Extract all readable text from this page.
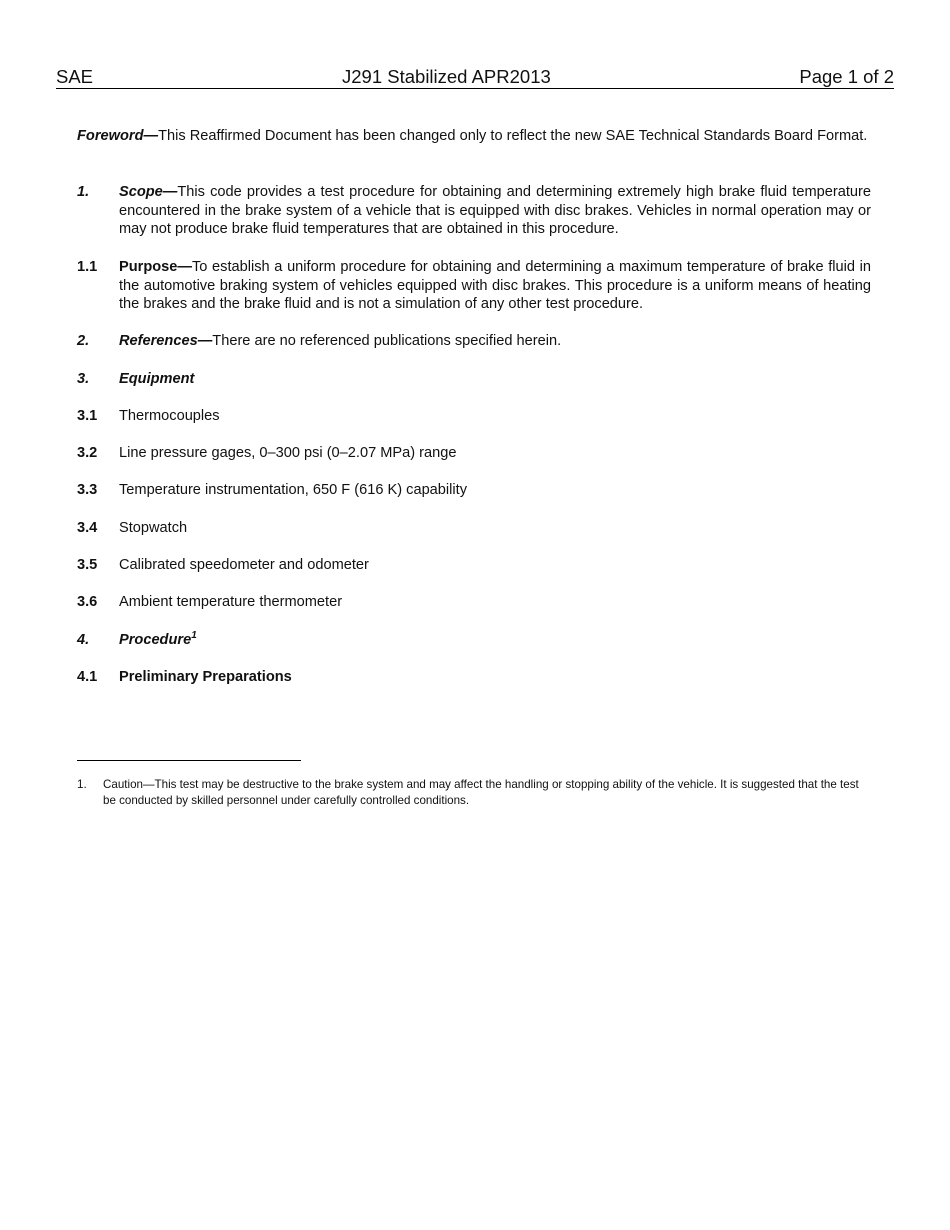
SAE	J291 Stabilized APR2013	Page 1 of 2
Foreword—This Reaffirmed Document has been changed only to reflect the new SAE Technical Standards Board Format.
1. Scope—This code provides a test procedure for obtaining and determining extremely high brake fluid temperature encountered in the brake system of a vehicle that is equipped with disc brakes. Vehicles in normal operation may or may not produce brake fluid temperatures that are obtained in this procedure.
1.1 Purpose—To establish a uniform procedure for obtaining and determining a maximum temperature of brake fluid in the automotive braking system of vehicles equipped with disc brakes. This procedure is a uniform means of heating the brakes and the brake fluid and is not a simulation of any other test procedure.
2. References—There are no referenced publications specified herein.
3. Equipment
3.1 Thermocouples
3.2 Line pressure gages, 0–300 psi (0–2.07 MPa) range
3.3 Temperature instrumentation, 650 F (616 K) capability
3.4 Stopwatch
3.5 Calibrated speedometer and odometer
3.6 Ambient temperature thermometer
4. Procedure$^1$
4.1 Preliminary Preparations
1. Caution—This test may be destructive to the brake system and may affect the handling or stopping ability of the vehicle. It is suggested that the test be conducted by skilled personnel under carefully controlled conditions.
